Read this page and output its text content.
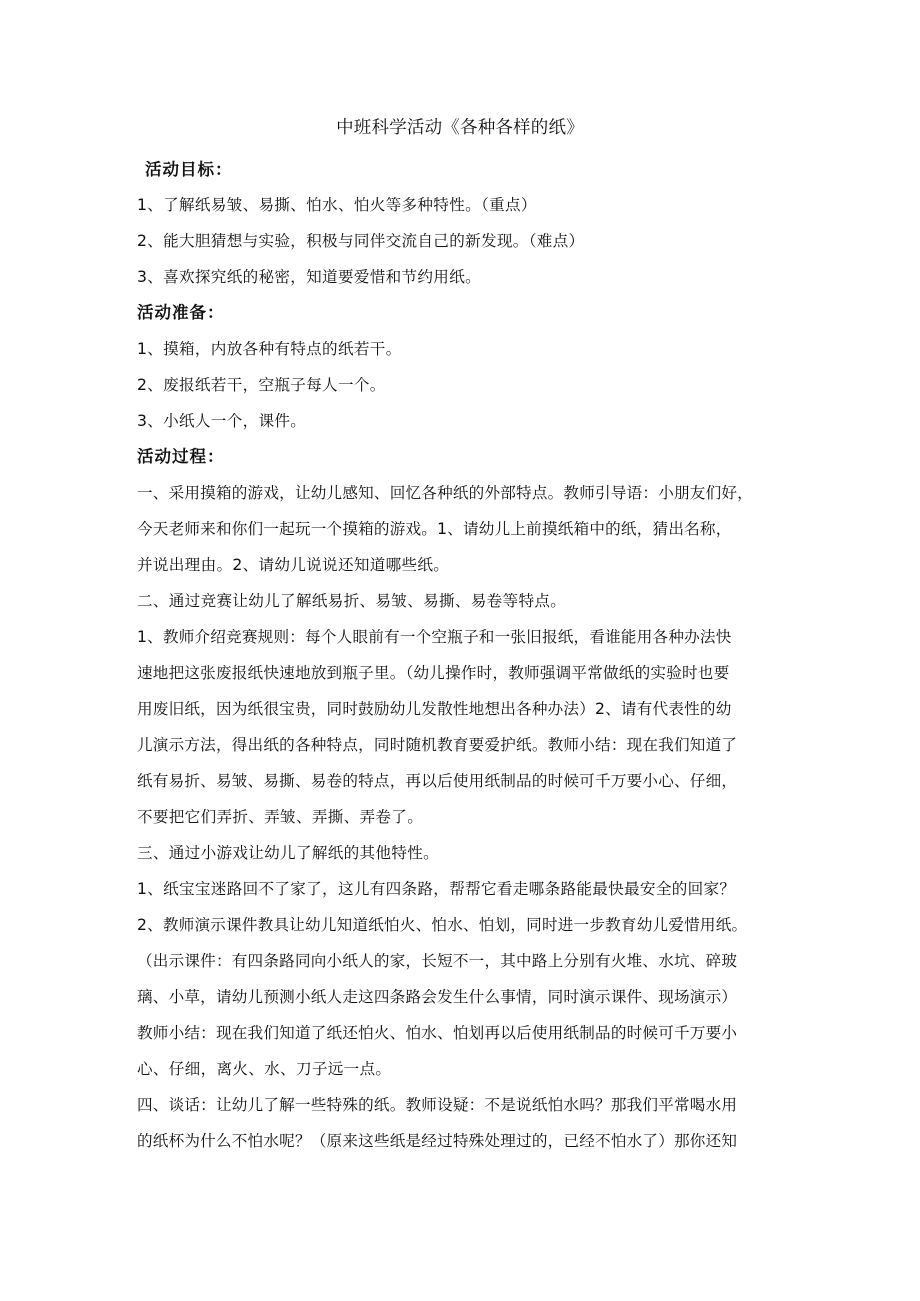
中班科学活动《各种各样的纸》
活动目标：
1、了解纸易皱、易撕、怕水、怕火等多种特性。（重点）
2、能大胆猜想与实验，积极与同伴交流自己的新发现。（难点）
3、喜欢探究纸的秘密，知道要爱惜和节约用纸。
活动准备：
1、摸箱，内放各种有特点的纸若干。
2、废报纸若干，空瓶子每人一个。
3、小纸人一个，课件。
活动过程：
一、采用摸箱的游戏，让幼儿感知、回忆各种纸的外部特点。教师引导语：小朋友们好，
今天老师来和你们一起玩一个摸箱的游戏。1、请幼儿上前摸纸箱中的纸，猜出名称，
并说出理由。2、请幼儿说说还知道哪些纸。
二、通过竞赛让幼儿了解纸易折、易皱、易撕、易卷等特点。
1、教师介绍竞赛规则：每个人眼前有一个空瓶子和一张旧报纸，看谁能用各种办法快
速地把这张废报纸快速地放到瓶子里。（幼儿操作时，教师强调平常做纸的实验时也要
用废旧纸，因为纸很宝贵，同时鼓励幼儿发散性地想出各种办法）2、请有代表性的幼
儿演示方法，得出纸的各种特点，同时随机教育要爱护纸。教师小结：现在我们知道了
纸有易折、易皱、易撕、易卷的特点，再以后使用纸制品的时候可千万要小心、仔细，
不要把它们弄折、弄皱、弄撕、弄卷了。
三、通过小游戏让幼儿了解纸的其他特性。
1、纸宝宝迷路回不了家了，这儿有四条路，帮帮它看走哪条路能最快最安全的回家？
2、教师演示课件教具让幼儿知道纸怕火、怕水、怕划，同时进一步教育幼儿爱惜用纸。
（出示课件：有四条路同向小纸人的家，长短不一，其中路上分别有火堆、水坑、碎玻
璃、小草，请幼儿预测小纸人走这四条路会发生什么事情，同时演示课件、现场演示）
教师小结：现在我们知道了纸还怕火、怕水、怕划再以后使用纸制品的时候可千万要小
心、仔细，离火、水、刀子远一点。
四、谈话：让幼儿了解一些特殊的纸。教师设疑：不是说纸怕水吗？那我们平常喝水用
的纸杯为什么不怕水呢？（原来这些纸是经过特殊处理过的，已经不怕水了）那你还知
